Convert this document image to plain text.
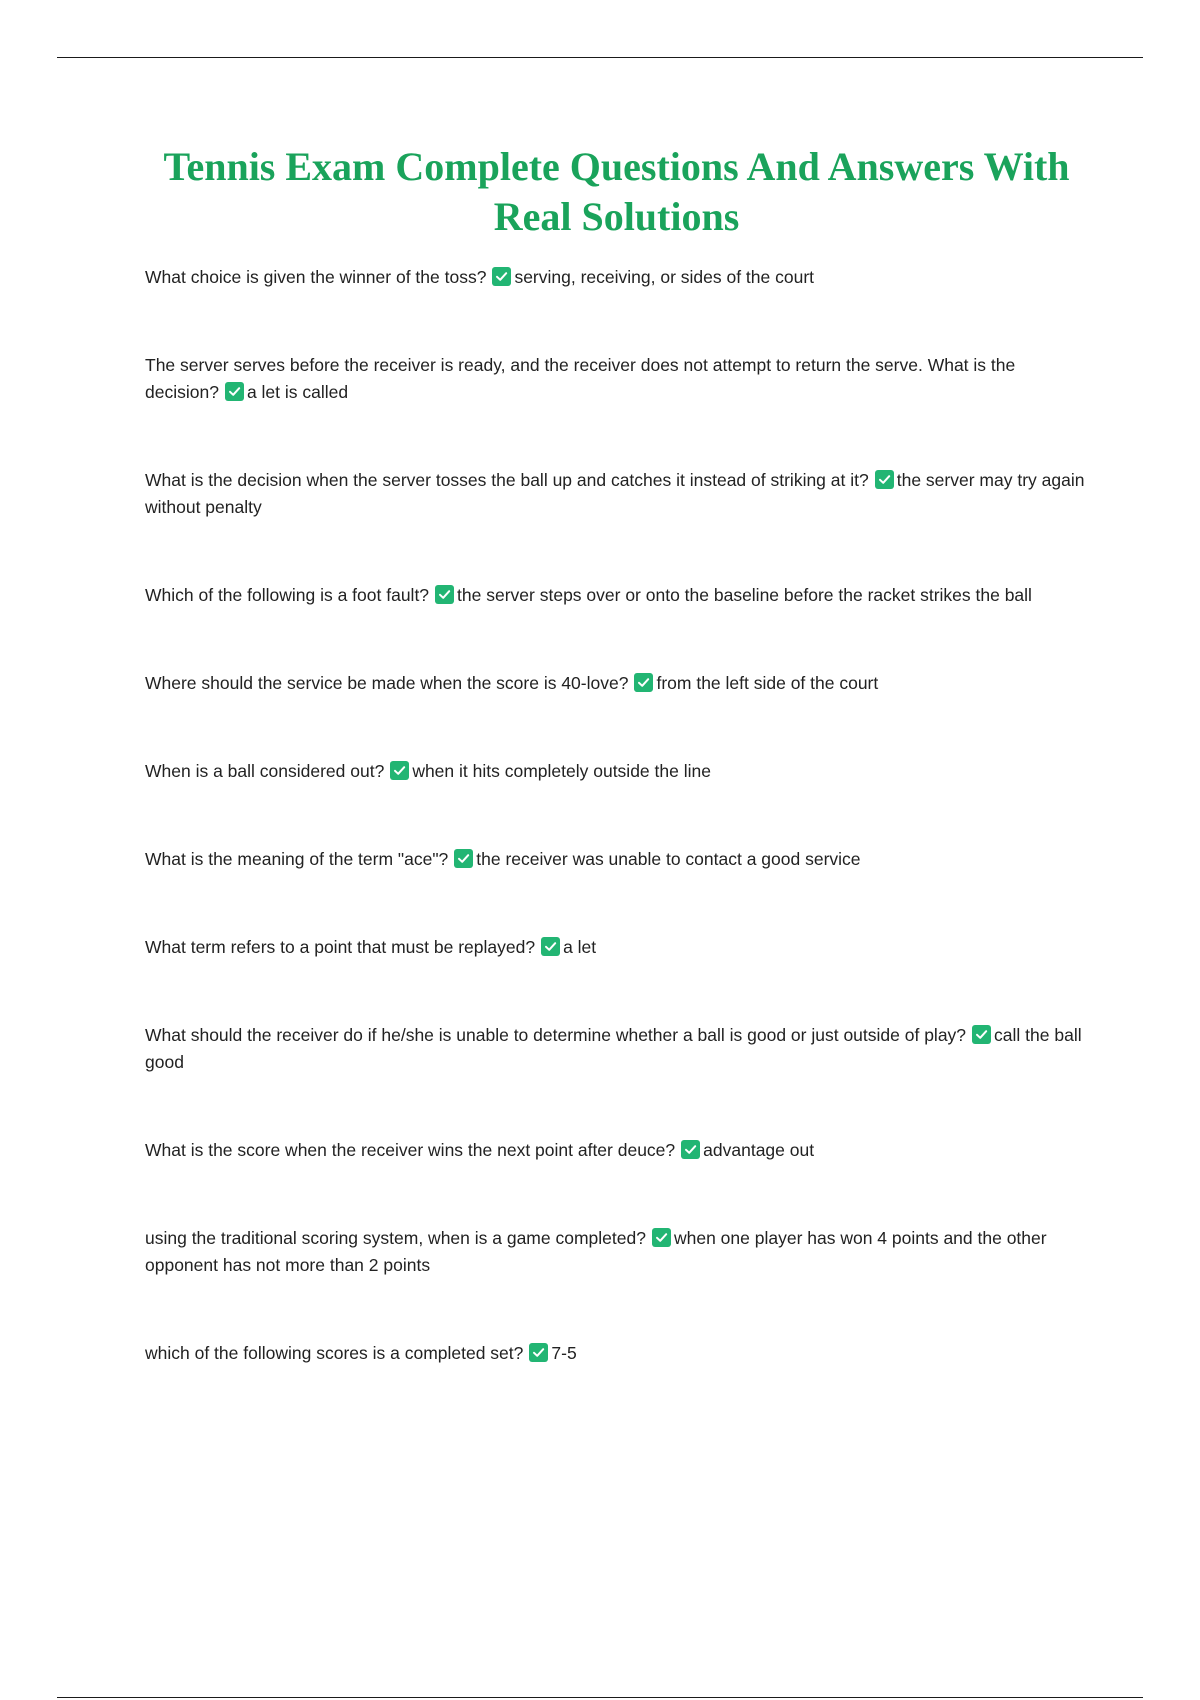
Tennis Exam Complete Questions And Answers With Real Solutions
What choice is given the winner of the toss? serving, receiving, or sides of the court
The server serves before the receiver is ready, and the receiver does not attempt to return the serve. What is the decision? a let is called
What is the decision when the server tosses the ball up and catches it instead of striking at it? the server may try again without penalty
Which of the following is a foot fault? the server steps over or onto the baseline before the racket strikes the ball
Where should the service be made when the score is 40-love? from the left side of the court
When is a ball considered out? when it hits completely outside the line
What is the meaning of the term "ace"? the receiver was unable to contact a good service
What term refers to a point that must be replayed? a let
What should the receiver do if he/she is unable to determine whether a ball is good or just outside of play? call the ball good
What is the score when the receiver wins the next point after deuce? advantage out
using the traditional scoring system, when is a game completed? when one player has won 4 points and the other opponent has not more than 2 points
which of the following scores is a completed set? 7-5
